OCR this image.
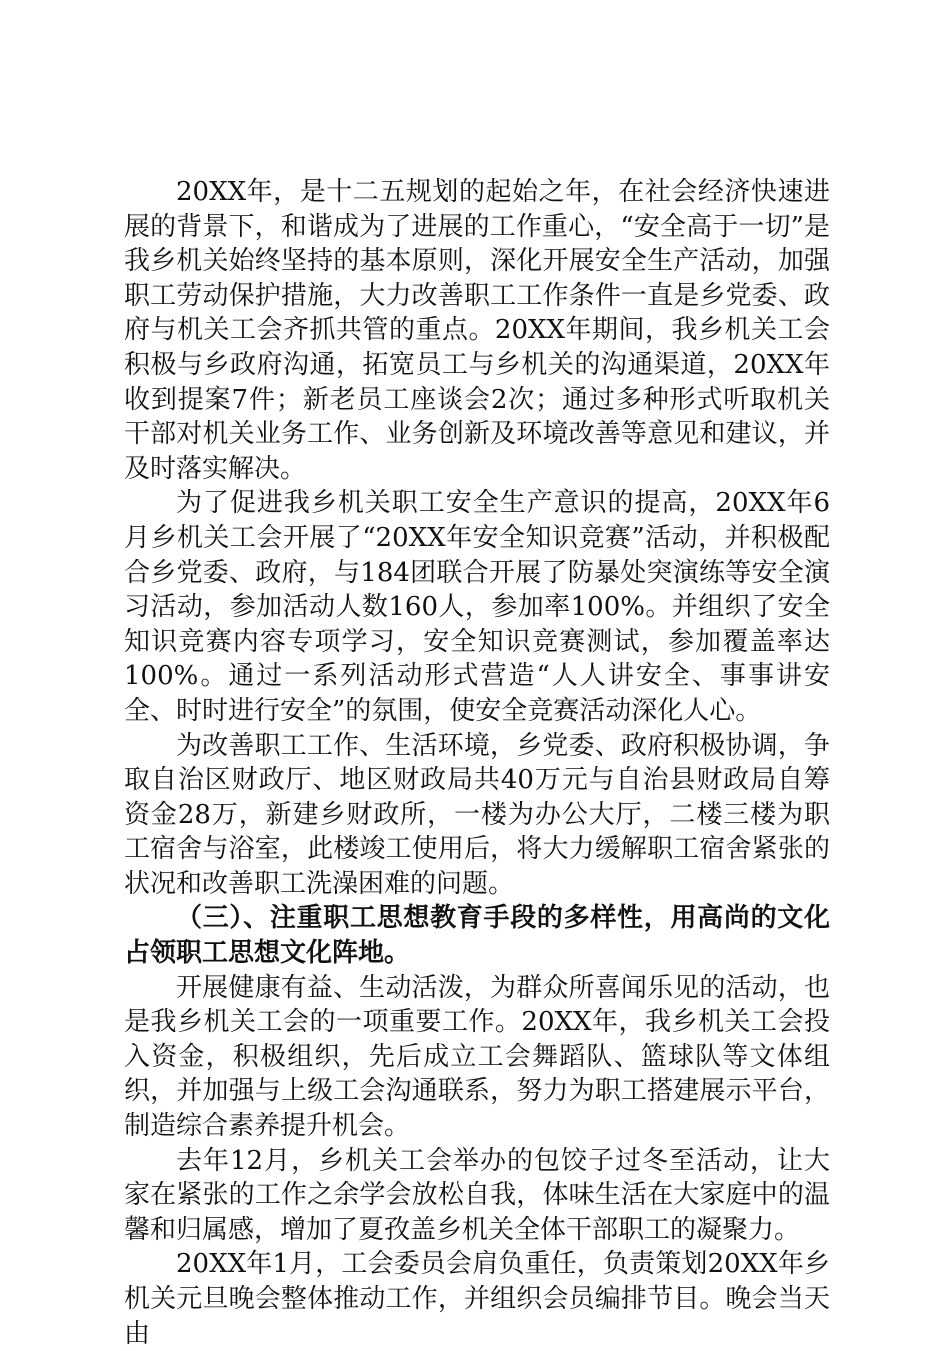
20XX年，是十二五规划的起始之年，在社会经济快速进展的背景下，和谐成为了进展的工作重心，“安全高于一切”是我乡机关始终坚持的基本原则，深化开展安全生产活动，加强职工劳动保护措施，大力改善职工工作条件一直是乡党委、政府与机关工会齐抓共管的重点。20XX年期间，我乡机关工会积极与乡政府沟通，拓宽员工与乡机关的沟通渠道，20XX年收到提案7件；新老员工座谈会2次；通过多种形式听取机关干部对机关业务工作、业务创新及环境改善等意见和建议，并及时落实解决。

为了促进我乡机关职工安全生产意识的提高，20XX年6月乡机关工会开展了“20XX年安全知识竞赛”活动，并积极配合乡党委、政府，与184团联合开展了防暴处突演练等安全演习活动，参加活动人数160人，参加率100%。并组织了安全知识竞赛内容专项学习，安全知识竞赛测试，参加覆盖率达100%。通过一系列活动形式营造“人人讲安全、事事讲安全、时时进行安全”的氛围，使安全竞赛活动深化人心。

为改善职工工作、生活环境，乡党委、政府积极协调，争取自治区财政厅、地区财政局共40万元与自治县财政局自筹资金28万，新建乡财政所，一楼为办公大厅，二楼三楼为职工宿舍与浴室，此楼竣工使用后，将大力缓解职工宿舍紧张的状况和改善职工洗澡困难的问题。

（三）、注重职工思想教育手段的多样性，用高尚的文化占领职工思想文化阵地。

开展健康有益、生动活泼，为群众所喜闻乐见的活动，也是我乡机关工会的一项重要工作。20XX年，我乡机关工会投入资金，积极组织，先后成立工会舞蹈队、篮球队等文体组织，并加强与上级工会沟通联系，努力为职工搭建展示平台，制造综合素养提升机会。

去年12月，乡机关工会举办的包饺子过冬至活动，让大家在紧张的工作之余学会放松自我，体味生活在大家庭中的温馨和归属感，增加了夏孜盖乡机关全体干部职工的凝聚力。

20XX年1月，工会委员会肩负重任，负责策划20XX年乡机关元旦晚会整体推动工作，并组织会员编排节目。晚会当天由
